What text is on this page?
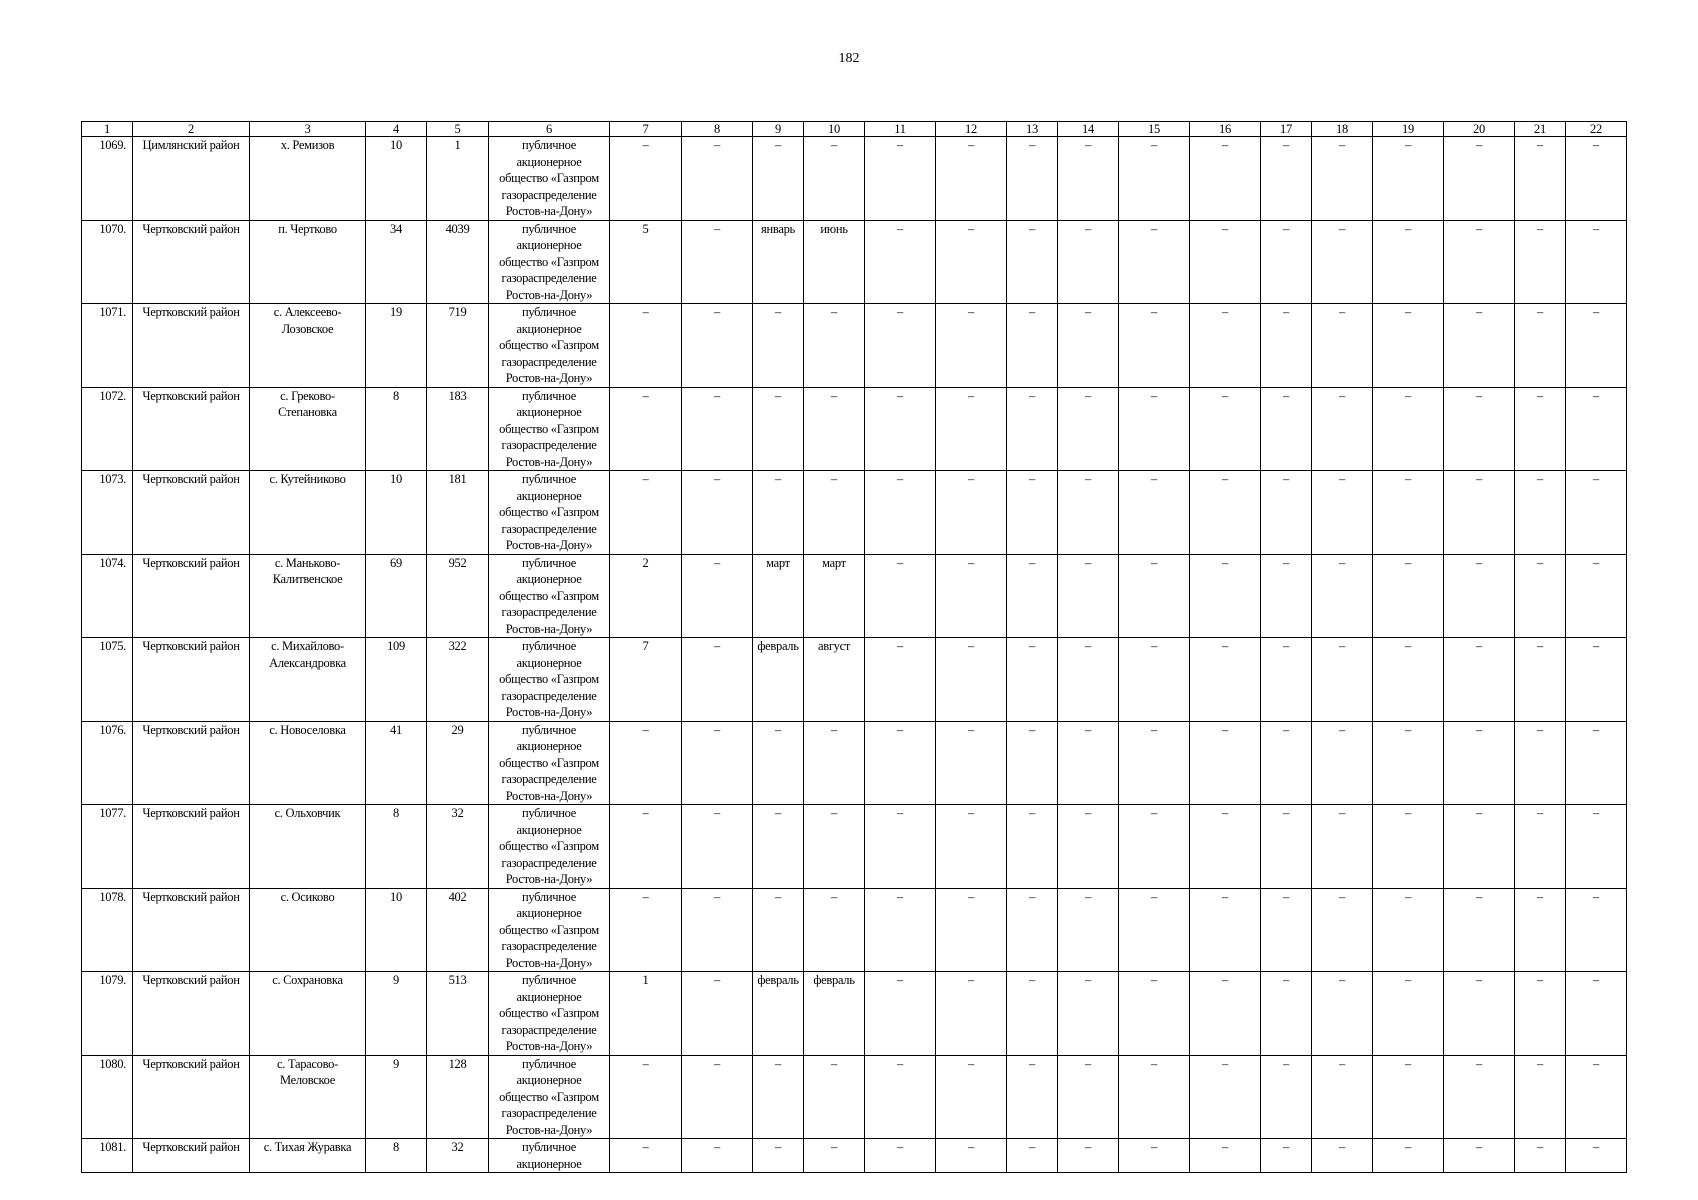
182
1	2	3	4	5	6	7	8	9	10	11	12	13	14	15	16	17	18	19	20	21	22
1069.	Цимлянский район	х. Ремизов	10	1	публичное акционерное общество «Газпром газораспределение Ростов-на-Дону»	–	–	–	–	–	–	–	–	–	–	–	–	–	–	–	–
1070.	Чертковский район	п. Чертково	34	4039	публичное акционерное общество «Газпром газораспределение Ростов-на-Дону»	5	–	январь	июнь	–	–	–	–	–	–	–	–	–	–	–	–
1071.	Чертковский район	с. Алексеево-Лозовское	19	719	публичное акционерное общество «Газпром газораспределение Ростов-на-Дону»	–	–	–	–	–	–	–	–	–	–	–	–	–	–	–	–
1072.	Чертковский район	с. Греково-Степановка	8	183	публичное акционерное общество «Газпром газораспределение Ростов-на-Дону»	–	–	–	–	–	–	–	–	–	–	–	–	–	–	–	–
1073.	Чертковский район	с. Кутейниково	10	181	публичное акционерное общество «Газпром газораспределение Ростов-на-Дону»	–	–	–	–	–	–	–	–	–	–	–	–	–	–	–	–
1074.	Чертковский район	с. Маньково-Калитвенское	69	952	публичное акционерное общество «Газпром газораспределение Ростов-на-Дону»	2	–	март	март	–	–	–	–	–	–	–	–	–	–	–	–
1075.	Чертковский район	с. Михайлово-Александровка	109	322	публичное акционерное общество «Газпром газораспределение Ростов-на-Дону»	7	–	февраль	август	–	–	–	–	–	–	–	–	–	–	–	–
1076.	Чертковский район	с. Новоселовка	41	29	публичное акционерное общество «Газпром газораспределение Ростов-на-Дону»	–	–	–	–	–	–	–	–	–	–	–	–	–	–	–	–
1077.	Чертковский район	с. Ольховчик	8	32	публичное акционерное общество «Газпром газораспределение Ростов-на-Дону»	–	–	–	–	–	–	–	–	–	–	–	–	–	–	–	–
1078.	Чертковский район	с. Осиково	10	402	публичное акционерное общество «Газпром газораспределение Ростов-на-Дону»	–	–	–	–	–	–	–	–	–	–	–	–	–	–	–	–
1079.	Чертковский район	с. Сохрановка	9	513	публичное акционерное общество «Газпром газораспределение Ростов-на-Дону»	1	–	февраль	февраль	–	–	–	–	–	–	–	–	–	–	–	–
1080.	Чертковский район	с. Тарасово-Меловское	9	128	публичное акционерное общество «Газпром газораспределение Ростов-на-Дону»	–	–	–	–	–	–	–	–	–	–	–	–	–	–	–	–
1081.	Чертковский район	с. Тихая Журавка	8	32	публичное акционерное	–	–	–	–	–	–	–	–	–	–	–	–	–	–	–	–
